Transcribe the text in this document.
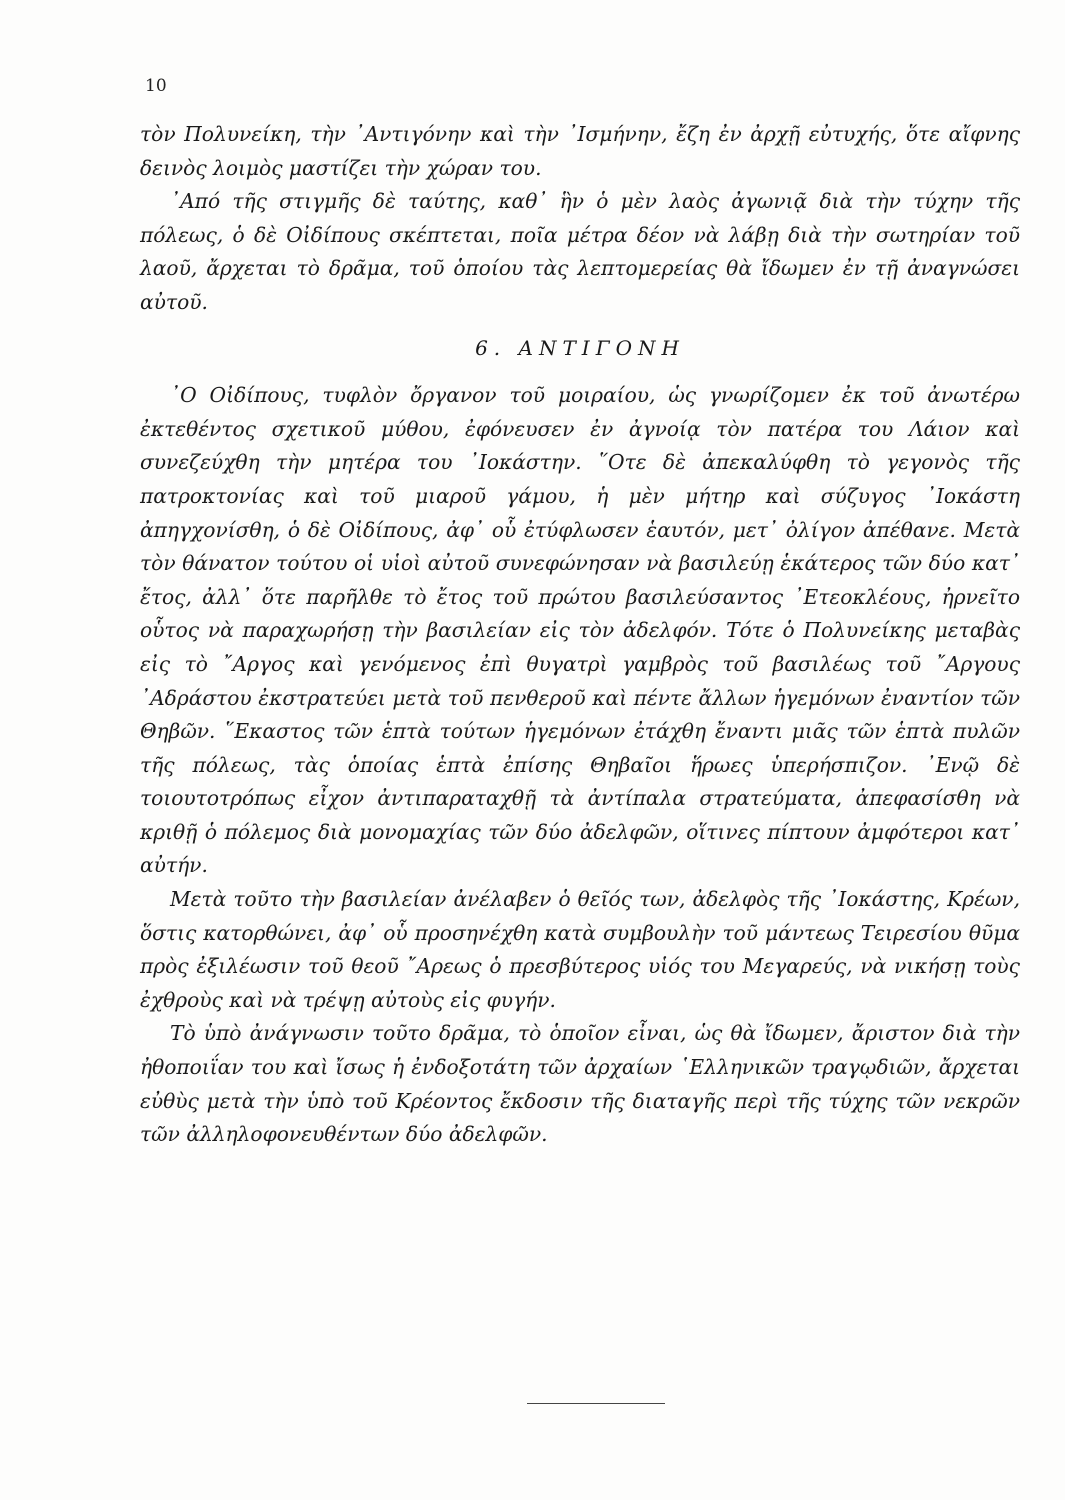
10

τὸν Πολυνείκη, τὴν ᾿Αντιγόνην καὶ τὴν ᾿Ισμήνην, ἔζη ἐν ἀρχῇ εὐτυχής, ὅτε αἴφνης δεινὸς λοιμὸς μαστίζει τὴν χώραν του.

᾿Από τῆς στιγμῆς δὲ ταύτης, καθ᾿ ἣν ὁ μὲν λαὸς ἀγωνιᾷ διὰ τὴν τύχην τῆς πόλεως, ὁ δὲ Οἰδίπους σκέπτεται, ποῖα μέτρα δέον νὰ λάβῃ διὰ τὴν σωτηρίαν τοῦ λαοῦ, ἄρχεται τὸ δρᾶμα, τοῦ ὁποίου τὰς λεπτομερείας θὰ ἴδωμεν ἐν τῇ ἀναγνώσει αὐτοῦ.

6. ΑΝΤΙΓΟΝΗ

᾿Ο Οἰδίπους, τυφλὸν ὄργανον τοῦ μοιραίου, ὡς γνωρίζομεν ἐκ τοῦ ἀνωτέρω ἐκτεθέντος σχετικοῦ μύθου, ἐφόνευσεν ἐν ἀγνοίᾳ τὸν πατέρα του Λάιον καὶ συνεζεύχθη τὴν μητέρα του ᾿Ιοκάστην. ῞Οτε δὲ ἀπεκαλύφθη τὸ γεγονὸς τῆς πατροκτονίας καὶ τοῦ μιαροῦ γάμου, ἡ μὲν μήτηρ καὶ σύζυγος ᾿Ιοκάστη ἀπηγχονίσθη, ὁ δὲ Οἰδίπους, ἀφ᾿ οὗ ἐτύφλωσεν ἑαυτόν, μετ᾿ ὀλίγον ἀπέθανε. Μετὰ τὸν θάνατον τούτου οἱ υἱοὶ αὐτοῦ συνεφώνησαν νὰ βασιλεύῃ ἑκάτερος τῶν δύο κατ᾿ ἔτος, ἀλλ᾿ ὅτε παρῆλθε τὸ ἔτος τοῦ πρώτου βασιλεύσαντος ᾿Ετεοκλέους, ἠρνεῖτο οὗτος νὰ παραχωρήσῃ τὴν βασιλείαν εἰς τὸν ἀδελφόν. Τότε ὁ Πολυνείκης μεταβὰς εἰς τὸ ῎Αργος καὶ γενόμενος ἐπὶ θυγατρὶ γαμβρὸς τοῦ βασιλέως τοῦ ῎Αργους ᾿Αδράστου ἐκστρατεύει μετὰ τοῦ πενθεροῦ καὶ πέντε ἄλλων ἡγεμόνων ἐναντίον τῶν Θηβῶν. ῞Εκαστος τῶν ἑπτὰ τούτων ἡγεμόνων ἐτάχθη ἔναντι μιᾶς τῶν ἑπτὰ πυλῶν τῆς πόλεως, τὰς ὁποίας ἑπτὰ ἐπίσης Θηβαῖοι ἥρωες ὑπερήσπιζον. ᾿Ενῷ δὲ τοιουτοτρόπως εἶχον ἀντιπαραταχθῇ τὰ ἀντίπαλα στρατεύματα, ἀπεφασίσθη νὰ κριθῇ ὁ πόλεμος διὰ μονομαχίας τῶν δύο ἀδελφῶν, οἵτινες πίπτουν ἀμφότεροι κατ᾿ αὐτήν.

Μετὰ τοῦτο τὴν βασιλείαν ἀνέλαβεν ὁ θεῖός των, ἀδελφὸς τῆς ᾿Ιοκάστης, Κρέων, ὅστις κατορθώνει, ἀφ᾿ οὗ προσηνέχθη κατὰ συμβουλὴν τοῦ μάντεως Τειρεσίου θῦμα πρὸς ἐξιλέωσιν τοῦ θεοῦ ῎Αρεως ὁ πρεσβύτερος υἱός του Μεγαρεύς, νὰ νικήσῃ τοὺς ἐχθροὺς καὶ νὰ τρέψῃ αὐτοὺς εἰς φυγήν.

Τὸ ὑπὸ ἀνάγνωσιν τοῦτο δρᾶμα, τὸ ὁποῖον εἶναι, ὡς θὰ ἴδωμεν, ἄριστον διὰ τὴν ἠθοποιΐαν του καὶ ἴσως ἡ ἐνδοξοτάτη τῶν ἀρχαίων ῾Ελληνικῶν τραγῳδιῶν, ἄρχεται εὐθὺς μετὰ τὴν ὑπὸ τοῦ Κρέοντος ἔκδοσιν τῆς διαταγῆς περὶ τῆς τύχης τῶν νεκρῶν τῶν ἀλληλοφονευθέντων δύο ἀδελφῶν.
